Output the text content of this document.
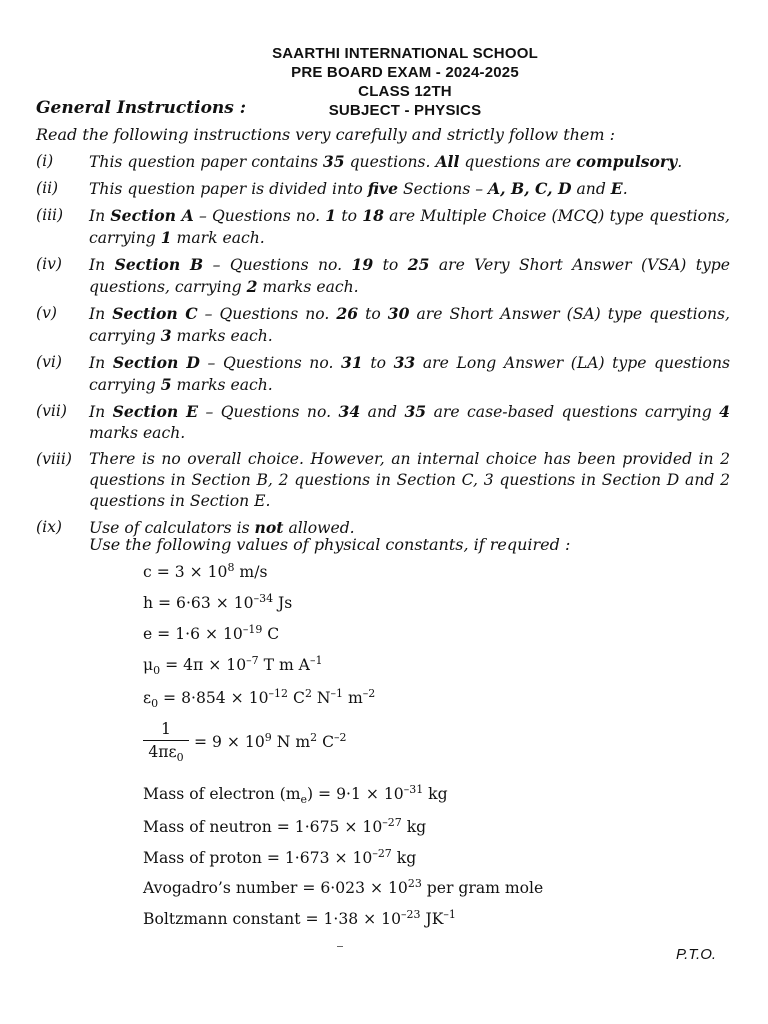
SAARTHI INTERNATIONAL SCHOOL
PRE BOARD EXAM - 2024-2025
CLASS 12TH
SUBJECT - PHYSICS
General Instructions :
Read the following instructions very carefully and strictly follow them :
(i)	This question paper contains 35 questions. All questions are compulsory.
(ii)	This question paper is divided into five Sections – A, B, C, D and E.
(iii)	In Section A – Questions no. 1 to 18 are Multiple Choice (MCQ) type questions, carrying 1 mark each.
(iv)	In Section B – Questions no. 19 to 25 are Very Short Answer (VSA) type questions, carrying 2 marks each.
(v)	In Section C – Questions no. 26 to 30 are Short Answer (SA) type questions, carrying 3 marks each.
(vi)	In Section D – Questions no. 31 to 33 are Long Answer (LA) type questions carrying 5 marks each.
(vii)	In Section E – Questions no. 34 and 35 are case-based questions carrying 4 marks each.
(viii)	There is no overall choice. However, an internal choice has been provided in 2 questions in Section B, 2 questions in Section C, 3 questions in Section D and 2 questions in Section E.
(ix)	Use of calculators is not allowed.
Use the following values of physical constants, if required :
$c = 3 \times 10^8$ m/s
$h = 6\cdot 63 \times 10^{-34}$ Js
$e = 1\cdot 6 \times 10^{-19}$ C
$\mu_0 = 4\pi \times 10^{-7}$ T m $A^{-1}$
$\varepsilon_0 = 8\cdot 854 \times 10^{-12}$ $C^2$ $N^{-1}$ $m^{-2}$
$\frac{1}{4\pi\varepsilon_0} = 9 \times 10^9$ N $m^2$ $C^{-2}$
Mass of electron $(m_e) = 9\cdot 1 \times 10^{-31}$ kg
Mass of neutron = $1\cdot 675 \times 10^{-27}$ kg
Mass of proton = $1\cdot 673 \times 10^{-27}$ kg
Avogadro’s number = $6\cdot 023 \times 10^{23}$ per gram mole
Boltzmann constant = $1\cdot 38 \times 10^{-23}$ $JK^{-1}$
P.T.O.
